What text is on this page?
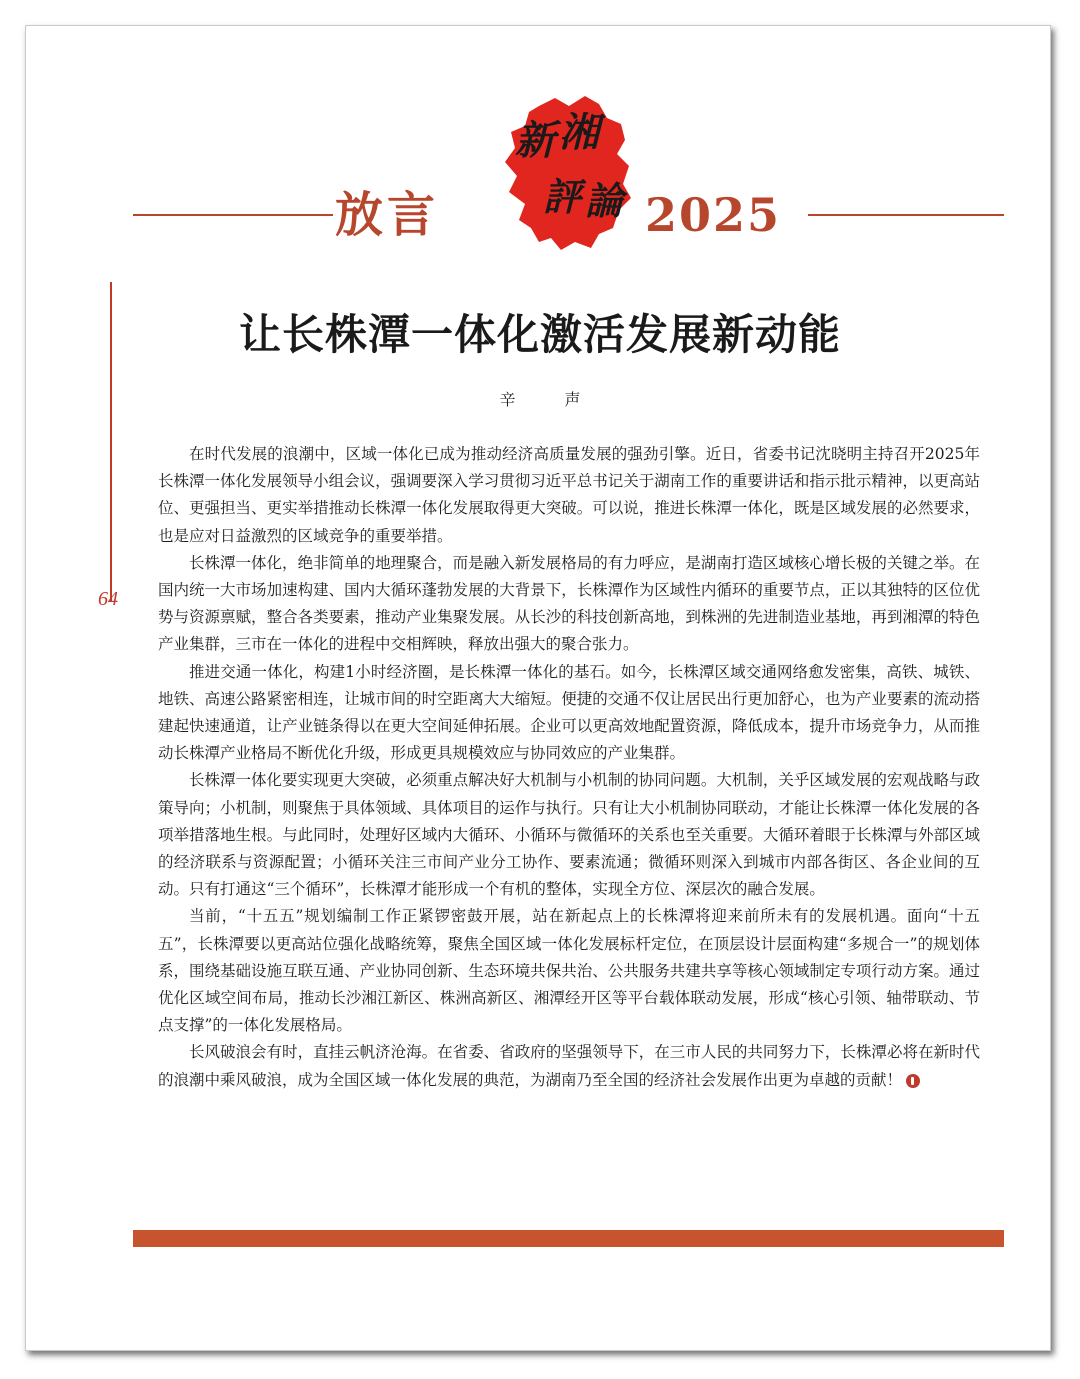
放言
新 湘
評 論 2025
64
让长株潭一体化激活发展新动能
辛 声

在时代发展的浪潮中，区域一体化已成为推动经济高质量发展的强劲引擎。近日，省委书记沈晓明主持召开2025年长株潭一体化发展领导小组会议，强调要深入学习贯彻习近平总书记关于湖南工作的重要讲话和指示批示精神，以更高站位、更强担当、更实举措推动长株潭一体化发展取得更大突破。可以说，推进长株潭一体化，既是区域发展的必然要求，也是应对日益激烈的区域竞争的重要举措。

长株潭一体化，绝非简单的地理聚合，而是融入新发展格局的有力呼应，是湖南打造区域核心增长极的关键之举。在国内统一大市场加速构建、国内大循环蓬勃发展的大背景下，长株潭作为区域性内循环的重要节点，正以其独特的区位优势与资源禀赋，整合各类要素，推动产业集聚发展。从长沙的科技创新高地，到株洲的先进制造业基地，再到湘潭的特色产业集群，三市在一体化的进程中交相辉映，释放出强大的聚合张力。

推进交通一体化，构建1小时经济圈，是长株潭一体化的基石。如今，长株潭区域交通网络愈发密集，高铁、城铁、地铁、高速公路紧密相连，让城市间的时空距离大大缩短。便捷的交通不仅让居民出行更加舒心，也为产业要素的流动搭建起快速通道，让产业链条得以在更大空间延伸拓展。企业可以更高效地配置资源，降低成本，提升市场竞争力，从而推动长株潭产业格局不断优化升级，形成更具规模效应与协同效应的产业集群。

长株潭一体化要实现更大突破，必须重点解决好大机制与小机制的协同问题。大机制，关乎区域发展的宏观战略与政策导向；小机制，则聚焦于具体领域、具体项目的运作与执行。只有让大小机制协同联动，才能让长株潭一体化发展的各项举措落地生根。与此同时，处理好区域内大循环、小循环与微循环的关系也至关重要。大循环着眼于长株潭与外部区域的经济联系与资源配置；小循环关注三市间产业分工协作、要素流通；微循环则深入到城市内部各街区、各企业间的互动。只有打通这“三个循环”，长株潭才能形成一个有机的整体，实现全方位、深层次的融合发展。

当前，“十五五”规划编制工作正紧锣密鼓开展，站在新起点上的长株潭将迎来前所未有的发展机遇。面向“十五五”，长株潭要以更高站位强化战略统筹，聚焦全国区域一体化发展标杆定位，在顶层设计层面构建“多规合一”的规划体系，围绕基础设施互联互通、产业协同创新、生态环境共保共治、公共服务共建共享等核心领域制定专项行动方案。通过优化区域空间布局，推动长沙湘江新区、株洲高新区、湘潭经开区等平台载体联动发展，形成“核心引领、轴带联动、节点支撑”的一体化发展格局。

长风破浪会有时，直挂云帆济沧海。在省委、省政府的坚强领导下，在三市人民的共同努力下，长株潭必将在新时代的浪潮中乘风破浪，成为全国区域一体化发展的典范，为湖南乃至全国的经济社会发展作出更为卓越的贡献！
